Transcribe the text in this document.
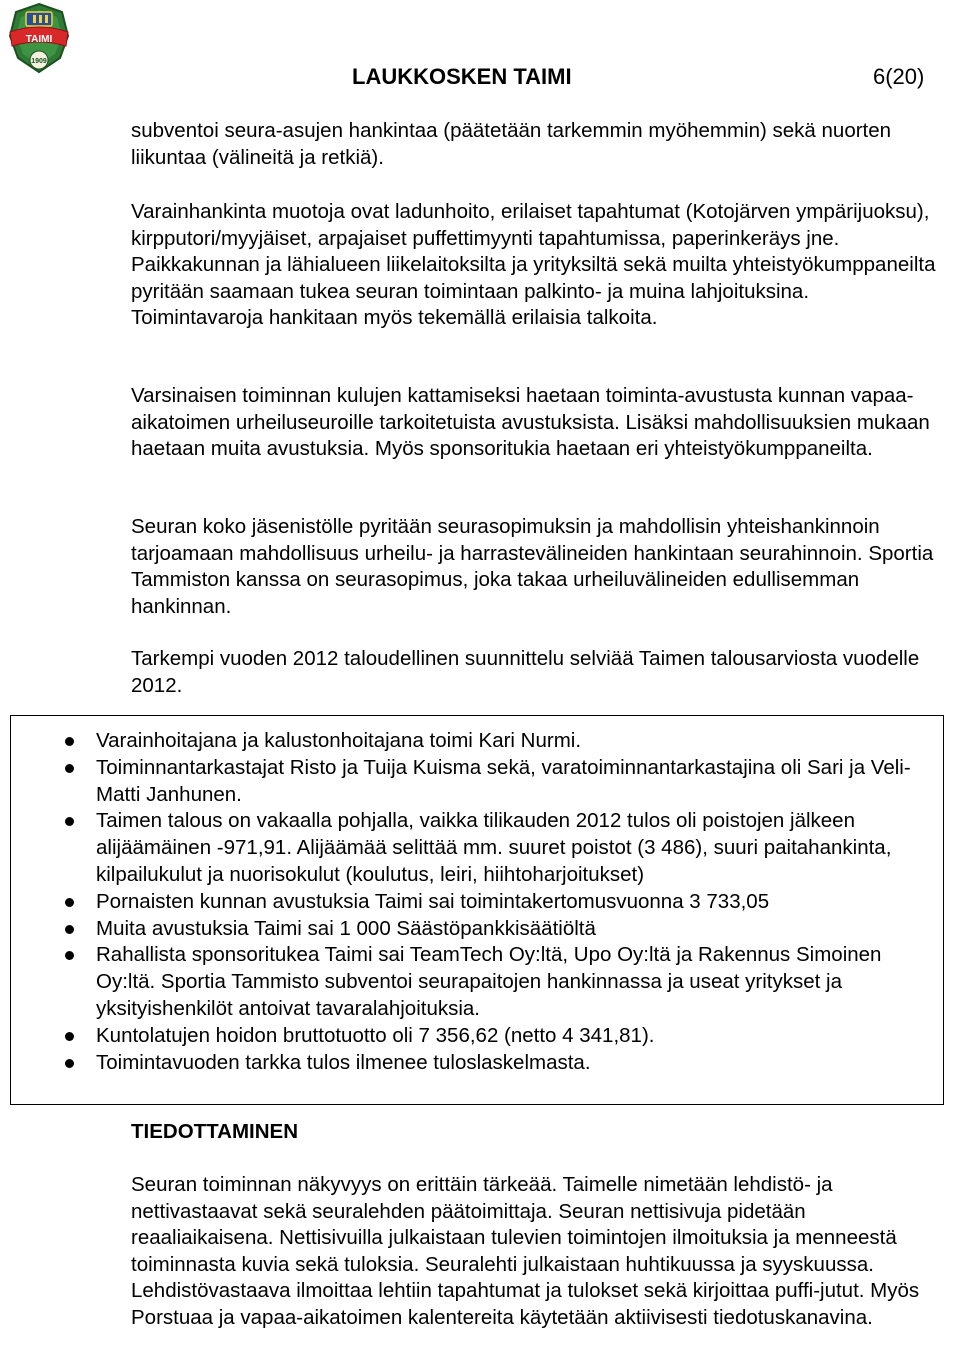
TAIMI
1909
LAUKKOSKEN TAIMI	6(20)

subventoi seura-asujen hankintaa (päätetään tarkemmin myöhemmin) sekä nuorten liikuntaa (välineitä ja retkiä).

Varainhankinta muotoja ovat ladunhoito, erilaiset tapahtumat (Kotojärven ympärijuoksu), kirpputori/myyjäiset, arpajaiset puffettimyynti tapahtumissa, paperinkeräys jne. Paikkakunnan ja lähialueen liikelaitoksilta ja yrityksiltä sekä muilta yhteistyökumppaneilta pyritään saamaan tukea seuran toimintaan palkinto- ja muina lahjoituksina. Toimintavaroja hankitaan myös tekemällä erilaisia talkoita.

Varsinaisen toiminnan kulujen kattamiseksi haetaan toiminta-avustusta kunnan vapaa-aikatoimen urheiluseuroille tarkoitetuista avustuksista. Lisäksi mahdollisuuksien mukaan haetaan muita avustuksia. Myös sponsoritukia haetaan eri yhteistyökumppaneilta.

Seuran koko jäsenistölle pyritään seurasopimuksin ja mahdollisin yhteishankinnoin tarjoamaan mahdollisuus urheilu- ja harrastevälineiden hankintaan seurahinnoin. Sportia Tammiston kanssa on seurasopimus, joka takaa urheiluvälineiden edullisemman hankinnan.

Tarkempi vuoden 2012 taloudellinen suunnittelu selviää Taimen talousarviosta vuodelle 2012.

Varainhoitajana ja kalustonhoitajana toimi Kari Nurmi.
Toiminnantarkastajat Risto ja Tuija Kuisma sekä, varatoiminnantarkastajina oli Sari ja Veli-Matti Janhunen.
Taimen talous on vakaalla pohjalla, vaikka tilikauden 2012 tulos oli poistojen jälkeen alijäämäinen -971,91. Alijäämää selittää mm. suuret poistot (3 486), suuri paitahankinta, kilpailukulut ja nuorisokulut (koulutus, leiri, hiihtoharjoitukset)
Pornaisten kunnan avustuksia Taimi sai toimintakertomusvuonna 3 733,05
Muita avustuksia Taimi sai 1 000 Säästöpankkisäätiöltä
Rahallista sponsoritukea Taimi sai TeamTech Oy:ltä, Upo Oy:ltä ja Rakennus Simoinen Oy:ltä. Sportia Tammisto subventoi seurapaitojen hankinnassa ja useat yritykset ja yksityishenkilöt antoivat tavaralahjoituksia.
Kuntolatujen hoidon bruttotuotto oli 7 356,62 (netto 4 341,81).
Toimintavuoden tarkka tulos ilmenee tuloslaskelmasta.
TIEDOTTAMINEN

Seuran toiminnan näkyvyys on erittäin tärkeää. Taimelle nimetään lehdistö- ja nettivastaavat sekä seuralehden päätoimittaja. Seuran nettisivuja pidetään reaaliaikaisena. Nettisivuilla julkaistaan tulevien toimintojen ilmoituksia ja menneestä toiminnasta kuvia sekä tuloksia. Seuralehti julkaistaan huhtikuussa ja syyskuussa. Lehdistövastaava ilmoittaa lehtiin tapahtumat ja tulokset sekä kirjoittaa puffi-jutut. Myös Porstuaa ja vapaa-aikatoimen kalentereita käytetään aktiivisesti tiedotuskanavina.
